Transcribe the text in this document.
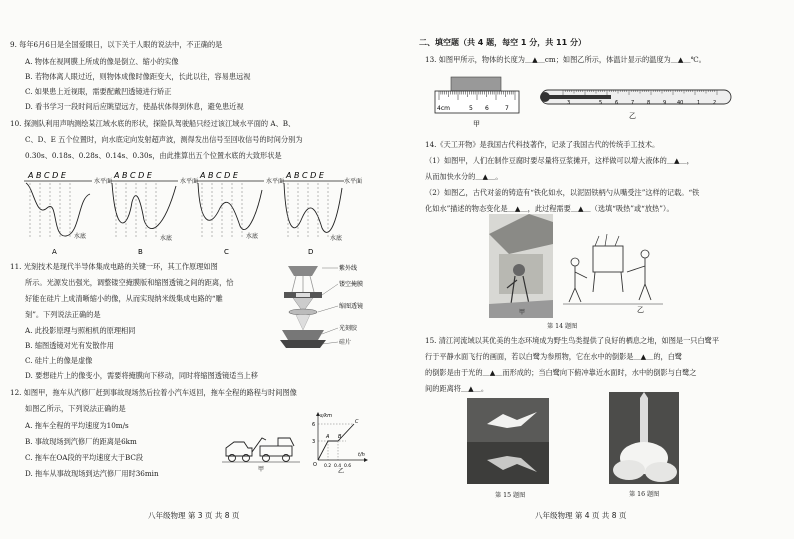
9. 每年6月6日是全国爱眼日，以下关于人眼的说法中，不正确的是
A. 物体在视网膜上所成的像是倒立、缩小的实像
B. 若物体离人眼过近，则物体成像时像距变大，长此以往，容易患远视
C. 如果患上近视眼，需要配戴凹透镜进行矫正
D. 看书学习一段时间后应眺望远方，使晶状体得到休息，避免患近视
10. 探测队利用声呐测绘某江域水底的形状，探险队驾驶船只经过该江域水平面的 A、B、
C、D、E 五个位置时，向水底定向发射超声波，测得发出信号至回收信号的时间分别为
0.30s、0.18s、0.28s、0.14s、0.30s，由此推算出五个位置水底的大致形状是
A B C D E
水平面
水底
A
A B C D E
水平面
水底
B
A B C D E
水平面
水底
C
A B C D E
水平面
水底
D
11. 光刻技术是现代半导体集成电路的关键一环，其工作原理如图
所示。光源发出强光，调整镂空掩膜版和缩图透镜之间的距离，恰
好能在硅片上成清晰缩小的像，从而实现纳米级集成电路的“雕
刻”。下列说法正确的是
A. 此投影原理与照相机的原理相同
B. 缩图透镜对光有发散作用
C. 硅片上的像是虚像
D. 要想硅片上的像变小，需要将掩膜向下移动，同时将缩图透镜适当上移
紫外线
镂空掩膜
缩图透镜
光刻胶
硅片
12. 如图甲，拖车从汽修厂赶到事故现场然后拉着小汽车返回，拖车全程的路程与时间图像
如图乙所示，下列说法正确的是
A. 拖车全程的平均速度为10m/s
B. 事故现场到汽修厂的距离是6km
C. 拖车在OA段的平均速度大于BC段
D. 拖车从事故现场到达汽修厂用时36min	甲
s/km
t/h
6
3
O 0.2 0.4 0.6
A B
C
乙
八年级物理 第 3 页 共 8 页
二、填空题（共 4 题，每空 1 分，共 11 分）
13. 如图甲所示，物体的长度为＿▲＿cm；如图乙所示，体温计显示的温度为＿▲＿℃。
4cm	5 6	7
甲
3	5	6	7	8	9 40	1	2
乙
14.《天工开物》是我国古代科技著作，记录了我国古代的传统手工技术。
（1）如图甲，人们在制作豆腐时要尽量将豆浆摊开，这样做可以增大液体的＿▲＿，
从而加快水分的＿▲＿。
（2）如图乙，古代对釜的铸造有“铁化如水，以泥固铁柄勺从嘴受注”这样的记载。“铁
化如水”描述的物态变化是＿▲＿，此过程需要＿▲＿（选填“吸热”或“放热”）。
甲	乙
第 14 题图
15. 清江河流域以其优美的生态环境成为野生鸟类提供了良好的栖息之地，如图是一只白鹭平
行于平静水面飞行的画面，若以白鹭为参照物，它在水中的倒影是＿▲＿的，白鹭
的倒影是由于光的＿▲＿而形成的；当白鹭向下俯冲靠近水面时，水中的倒影与白鹭之
间的距离将＿▲＿。
第 15 题图	第 16 题图
八年级物理 第 4 页 共 8 页
